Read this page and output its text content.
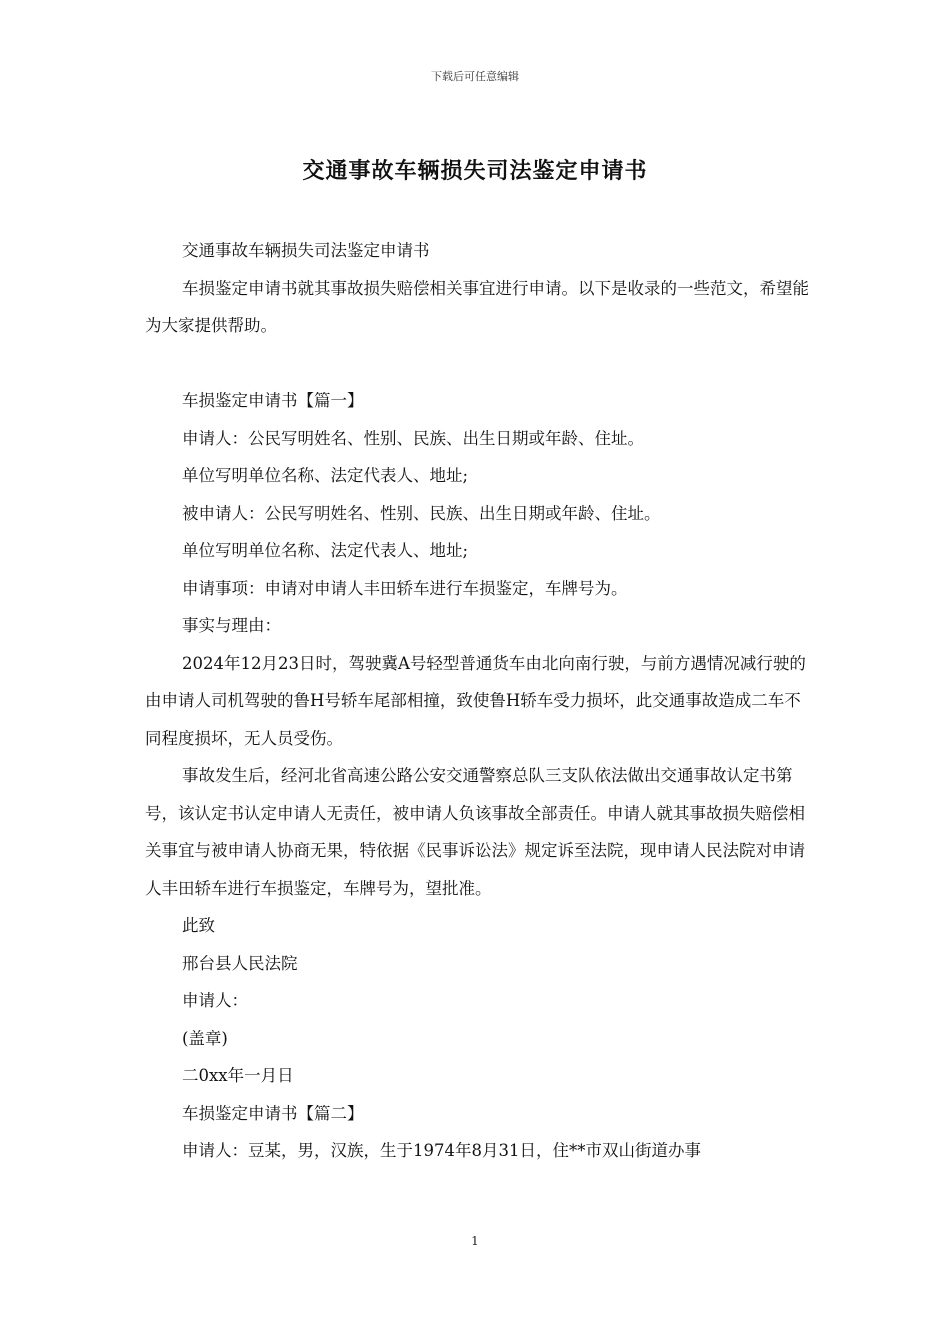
下载后可任意编辑
交通事故车辆损失司法鉴定申请书

交通事故车辆损失司法鉴定申请书

车损鉴定申请书就其事故损失赔偿相关事宜进行申请。以下是收录的一些范文，希望能为大家提供帮助。

车损鉴定申请书【篇一】

申请人：公民写明姓名、性别、民族、出生日期或年龄、住址。

单位写明单位名称、法定代表人、地址;

被申请人：公民写明姓名、性别、民族、出生日期或年龄、住址。

单位写明单位名称、法定代表人、地址;

申请事项：申请对申请人丰田轿车进行车损鉴定，车牌号为。

事实与理由：

2024年12月23日时，驾驶冀A号轻型普通货车由北向南行驶，与前方遇情况减行驶的由申请人司机驾驶的鲁H号轿车尾部相撞，致使鲁H轿车受力损坏，此交通事故造成二车不同程度损坏，无人员受伤。

事故发生后，经河北省高速公路公安交通警察总队三支队依法做出交通事故认定书第号，该认定书认定申请人无责任，被申请人负该事故全部责任。申请人就其事故损失赔偿相关事宜与被申请人协商无果，特依据《民事诉讼法》规定诉至法院，现申请人民法院对申请人丰田轿车进行车损鉴定，车牌号为，望批准。

此致

邢台县人民法院

申请人：

(盖章)

二0xx年一月日

车损鉴定申请书【篇二】

申请人：豆某，男，汉族，生于1974年8月31日，住**市双山街道办事

1
